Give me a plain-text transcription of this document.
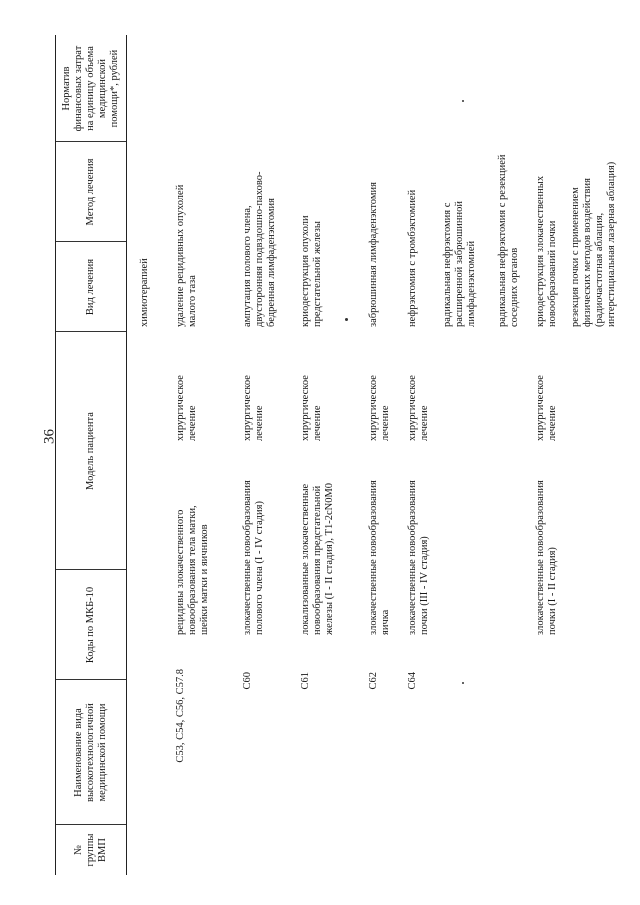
36
№
группы
ВМП
Наименование вида
высокотехнологичной
медицинской помощи
Коды по МКБ-10
Модель пациента
Вид лечения
Метод лечения
Норматив
финансовых затрат
на единицу объема
медицинской
помощи*, рублей
химиотерапией
C53, C54, C56, C57.8
рецидивы злокачественного
новообразования тела матки,
шейки матки и яичников
хирургическое
лечение
удаление рецидивных опухолей
малого таза
C60
злокачественные новообразования
полового члена (I - IV стадия)
хирургическое
лечение
ампутация полового члена,
двусторонняя подвздошно-пахово-
бедренная лимфаденэктомия
C61
локализованные злокачественные
новообразования предстательной
железы (I - II стадия), T1-2cN0M0
хирургическое
лечение
криодеструкция опухоли
предстательной железы
C62
злокачественные новообразования
яичка
хирургическое
лечение
забрюшинная лимфаденэктомия
C64
злокачественные новообразования
почки (III - IV стадия)
хирургическое
лечение
нефрэктомия с тромбэктомией радикальная нефрэктомия с
расширенной забрюшинной
лимфаденэктомией радикальная нефрэктомия с резекцией
соседних органов
злокачественные новообразования
почки (I - II стадия)
хирургическое
лечение
криодеструкция злокачественных
новообразований почки
резекция почки с применением
физических методов воздействия
(радиочастотная аблация,
интерстициальная лазерная аблация)
